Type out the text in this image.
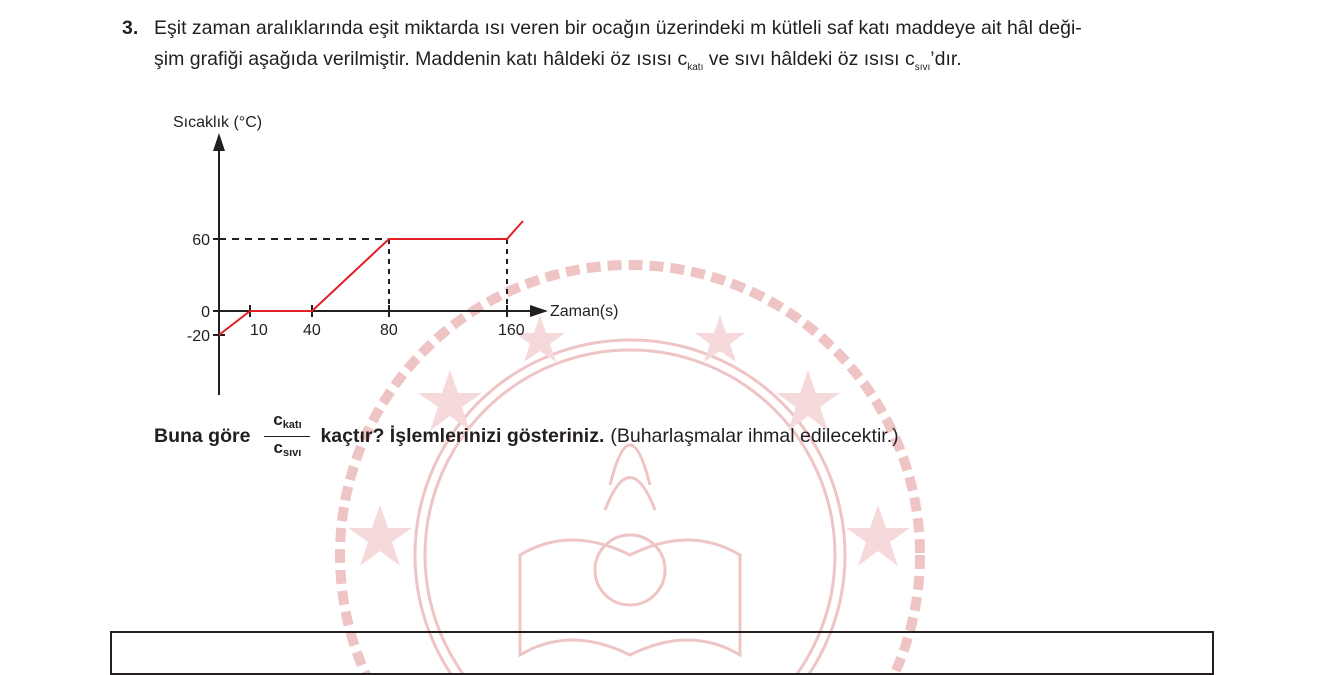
3. Eşit zaman aralıklarında eşit miktarda ısı veren bir ocağın üzerindeki m kütleli saf katı maddeye ait hâl deği-
şim grafiği aşağıda verilmiştir. Maddenin katı hâldeki öz ısısı $c_{katı}$ ve sıvı hâldeki öz ısısı $c_{sıvı}’dır$.
Sıcaklık (°C)
Zaman(s)
10 40	80	160
60
0
-20
Buna göre $\frac{c_{katı}}{c_{sıvı}}$ kaçtır? İşlemlerinizi gösteriniz. (Buharlaşmalar ihmal edilecektir.)
